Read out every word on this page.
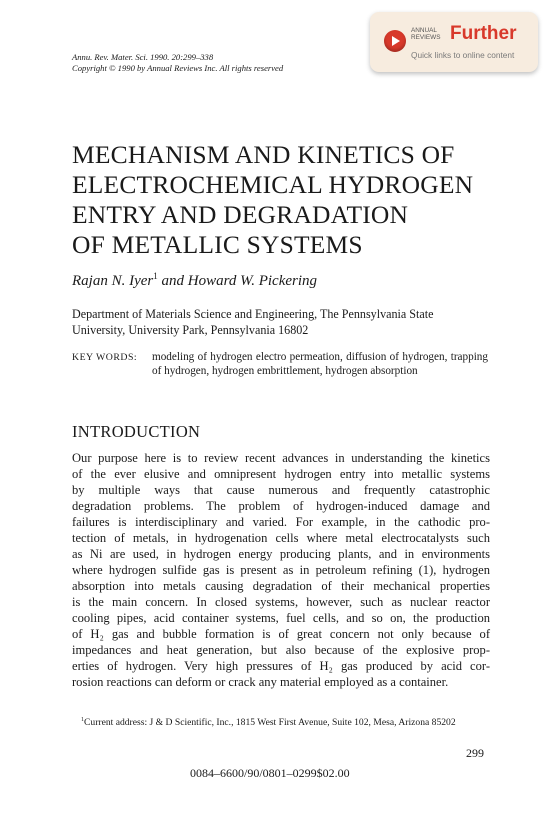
Annu. Rev. Mater. Sci. 1990. 20:299–338
Copyright © 1990 by Annual Reviews Inc. All rights reserved
ANNUAL
REVIEWS Further
Quick links to online content
MECHANISM AND KINETICS OF
ELECTROCHEMICAL HYDROGEN
ENTRY AND DEGRADATION
OF METALLIC SYSTEMS
Rajan N. Iyer$^1$ and Howard W. Pickering
Department of Materials Science and Engineering, The Pennsylvania State University, University Park, Pennsylvania 16802
KEY WORDS: modeling of hydrogen electro permeation, diffusion of hydrogen, trapping of hydrogen, hydrogen embrittlement, hydrogen absorption
INTRODUCTION
Our purpose here is to review recent advances in understanding the kinetics
of the ever elusive and omnipresent hydrogen entry into metallic systems
by multiple ways that cause numerous and frequently catastrophic
degradation problems. The problem of hydrogen-induced damage and
failures is interdisciplinary and varied. For example, in the cathodic pro-
tection of metals, in hydrogenation cells where metal electrocatalysts such
as Ni are used, in hydrogen energy producing plants, and in environments
where hydrogen sulfide gas is present as in petroleum refining (1), hydrogen
absorption into metals causing degradation of their mechanical properties
is the main concern. In closed systems, however, such as nuclear reactor
cooling pipes, acid container systems, fuel cells, and so on, the production
of H₂ gas and bubble formation is of great concern not only because of
impedances and heat generation, but also because of the explosive prop-
erties of hydrogen. Very high pressures of H₂ gas produced by acid cor-
rosion reactions can deform or crack any material employed as a container.
$^1$Current address: J & D Scientific, Inc., 1815 West First Avenue, Suite 102, Mesa, Arizona 85202
299
0084–6600/90/0801–0299$02.00
